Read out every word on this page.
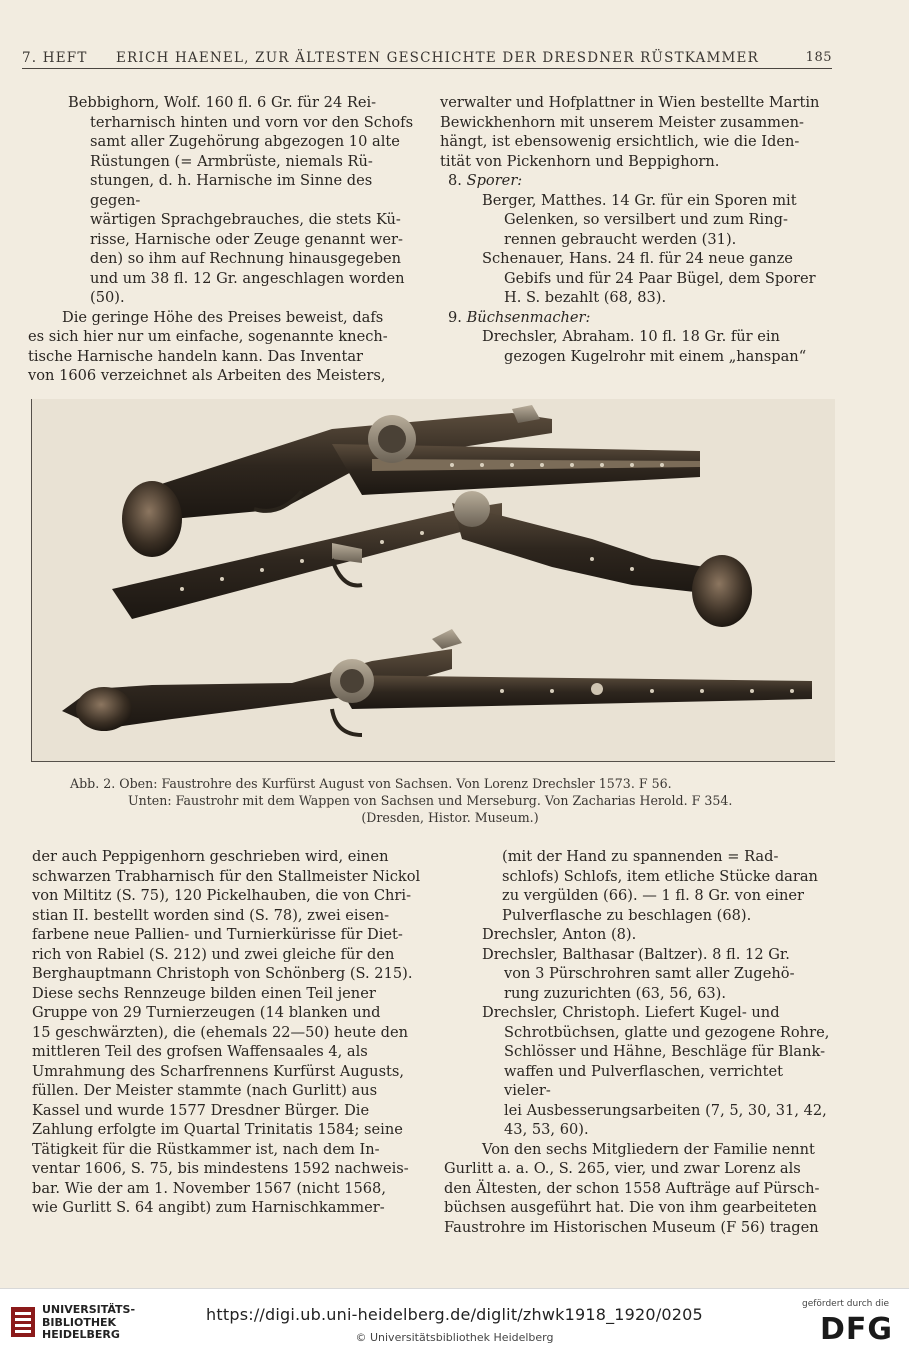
7. HEFT ERICH HAENEL, ZUR ÄLTESTEN GESCHICHTE DER DRESDNER RÜSTKAMMER	185

Bebbighorn, Wolf. 160 fl. 6 Gr. für 24 Rei-

terharnisch hinten und vorn vor den Schofs

samt aller Zugehörung abgezogen 10 alte

Rüstungen (= Armbrüste, niemals Rü-

stungen, d. h. Harnische im Sinne des gegen-

wärtigen Sprachgebrauches, die stets Kü-

risse, Harnische oder Zeuge genannt wer-

den) so ihm auf Rechnung hinausgegeben

und um 38 fl. 12 Gr. angeschlagen worden

(50).

Die geringe Höhe des Preises beweist, dafs

es sich hier nur um einfache, sogenannte knech-

tische Harnische handeln kann. Das Inventar

von 1606 verzeichnet als Arbeiten des Meisters,

verwalter und Hofplattner in Wien bestellte Martin

Bewickhenhorn mit unserem Meister zusammen-

hängt, ist ebensowenig ersichtlich, wie die Iden-

tität von Pickenhorn und Beppighorn.

8. Sporer:

Berger, Matthes. 14 Gr. für ein Sporen mit

Gelenken, so versilbert und zum Ring-

rennen gebraucht werden (31).

Schenauer, Hans. 24 fl. für 24 neue ganze

Gebifs und für 24 Paar Bügel, dem Sporer

H. S. bezahlt (68, 83).

9. Büchsenmacher:

Drechsler, Abraham. 10 fl. 18 Gr. für ein

gezogen Kugelrohr mit einem „hanspan“

Abb. 2. Oben: Faustrohre des Kurfürst August von Sachsen. Von Lorenz Drechsler 1573. F 56.

Unten: Faustrohr mit dem Wappen von Sachsen und Merseburg. Von Zacharias Herold. F 354.

(Dresden, Histor. Museum.)

der auch Peppigenhorn geschrieben wird, einen

schwarzen Trabharnisch für den Stallmeister Nickol

von Miltitz (S. 75), 120 Pickelhauben, die von Chri-

stian II. bestellt worden sind (S. 78), zwei eisen-

farbene neue Pallien- und Turnierkürisse für Diet-

rich von Rabiel (S. 212) und zwei gleiche für den

Berghauptmann Christoph von Schönberg (S. 215).

Diese sechs Rennzeuge bilden einen Teil jener

Gruppe von 29 Turnierzeugen (14 blanken und

15 geschwärzten), die (ehemals 22—50) heute den

mittleren Teil des grofsen Waffensaales 4, als

Umrahmung des Scharfrennens Kurfürst Augusts,

füllen. Der Meister stammte (nach Gurlitt) aus

Kassel und wurde 1577 Dresdner Bürger. Die

Zahlung erfolgte im Quartal Trinitatis 1584; seine

Tätigkeit für die Rüstkammer ist, nach dem In-

ventar 1606, S. 75, bis mindestens 1592 nachweis-

bar. Wie der am 1. November 1567 (nicht 1568,

wie Gurlitt S. 64 angibt) zum Harnischkammer-

(mit der Hand zu spannenden = Rad-

schlofs) Schlofs, item etliche Stücke daran

zu vergülden (66). — 1 fl. 8 Gr. von einer

Pulverflasche zu beschlagen (68).

Drechsler, Anton (8).

Drechsler, Balthasar (Baltzer). 8 fl. 12 Gr.

von 3 Pürschrohren samt aller Zugehö-

rung zuzurichten (63, 56, 63).

Drechsler, Christoph. Liefert Kugel- und

Schrotbüchsen, glatte und gezogene Rohre,

Schlösser und Hähne, Beschläge für Blank-

waffen und Pulverflaschen, verrichtet vieler-

lei Ausbesserungsarbeiten (7, 5, 30, 31, 42,

43, 53, 60).

Von den sechs Mitgliedern der Familie nennt

Gurlitt a. a. O., S. 265, vier, und zwar Lorenz als

den Ältesten, der schon 1558 Aufträge auf Pürsch-

büchsen ausgeführt hat. Die von ihm gearbeiteten

Faustrohre im Historischen Museum (F 56) tragen

UNIVERSITÄTS-
BIBLIOTHEK
HEIDELBERG
https://digi.ub.uni-heidelberg.de/diglit/zhwk1918_1920/0205
© Universitätsbibliothek Heidelberg
gefördert durch die
DFG
